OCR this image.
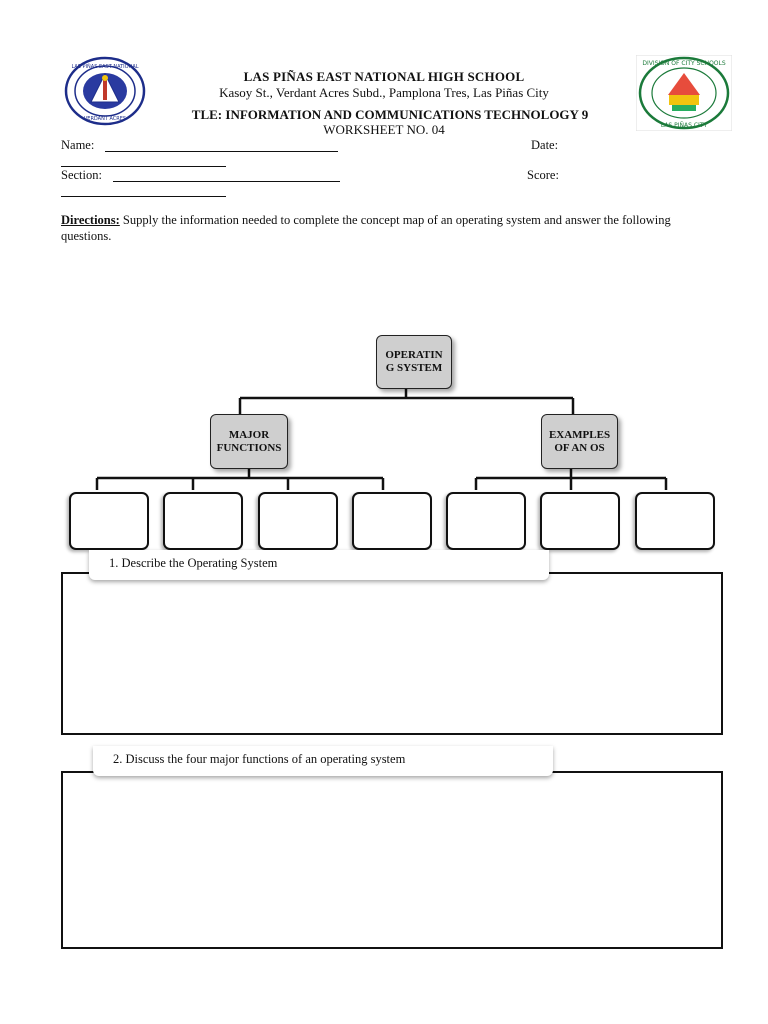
LAS PIÑAS EAST NATIONAL
VERDANT ACRES
DIVISION OF CITY SCHOOLS
LAS PIÑAS CITY
LAS PIÑAS EAST NATIONAL HIGH SCHOOL
Kasoy St., Verdant Acres Subd., Pamplona Tres, Las Piñas City
TLE: INFORMATION AND COMMUNICATIONS TECHNOLOGY 9
WORKSHEET NO. 04
Name:	Date:
Section:	Score:
Directions: Supply the information needed to complete the concept map of an operating system and answer the following questions.
OPERATIN G SYSTEM
MAJOR FUNCTIONS
EXAMPLES OF AN OS
1. Describe the Operating System
2. Discuss the four major functions of an operating system
